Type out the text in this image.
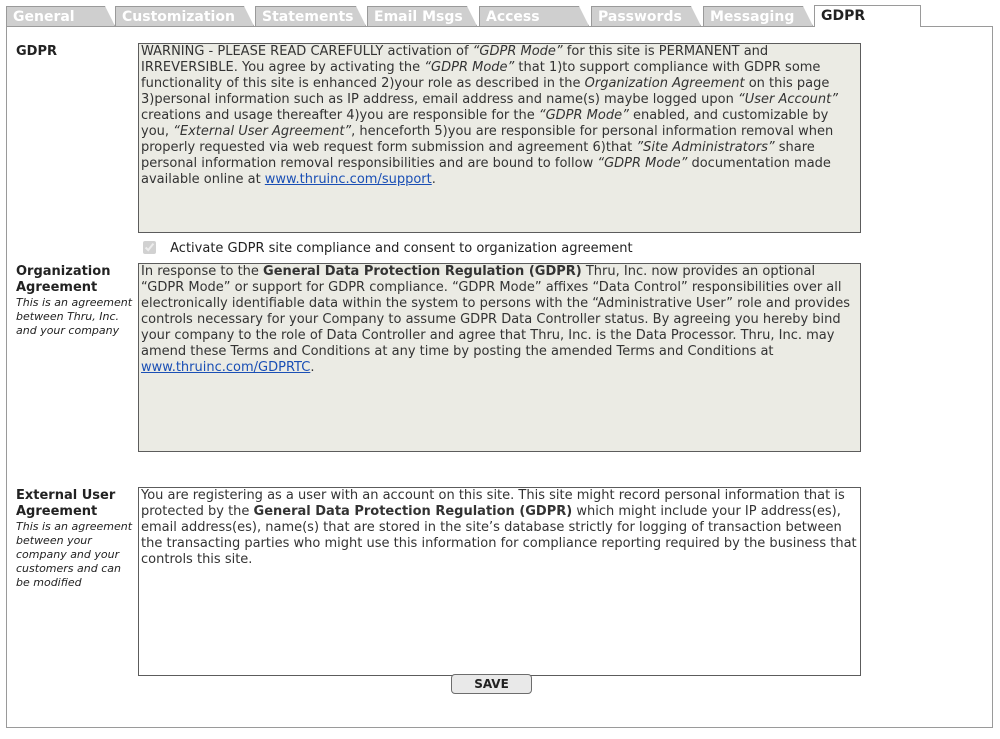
General	Customization	Statements	Email Msgs	Access	Passwords	Messaging	GDPR
GDPR	WARNING - PLEASE READ CAREFULLY activation of “GDPR Mode” for this site is PERMANENT and IRREVERSIBLE. You agree by activating the “GDPR Mode” that 1)to support compliance with GDPR some functionality of this site is enhanced 2)your role as described in the Organization Agreement on this page 3)personal information such as IP address, email address and name(s) maybe logged upon “User Account” creations and usage thereafter 4)you are responsible for the “GDPR Mode” enabled, and customizable by you, “External User Agreement”, henceforth 5)you are responsible for personal information removal when properly requested via web request form submission and agreement 6)that ”Site Administrators” share personal information removal responsibilities and are bound to follow “GDPR Mode” documentation made available online at www.thruinc.com/support.
Activate GDPR site compliance and consent to organization agreement
Organization Agreement
This is an agreement between Thru, Inc. and your company
In response to the General Data Protection Regulation (GDPR) Thru, Inc. now provides an optional “GDPR Mode” or support for GDPR compliance. “GDPR Mode” affixes “Data Control” responsibilities over all electronically identifiable data within the system to persons with the “Administrative User” role and provides controls necessary for your Company to assume GDPR Data Controller status. By agreeing you hereby bind your company to the role of Data Controller and agree that Thru, Inc. is the Data Processor. Thru, Inc. may amend these Terms and Conditions at any time by posting the amended Terms and Conditions at www.thruinc.com/GDPRTC.
External User Agreement
This is an agreement between your company and your customers and can be modified
You are registering as a user with an account on this site. This site might record personal information that is protected by the General Data Protection Regulation (GDPR) which might include your IP address(es), email address(es), name(s) that are stored in the site’s database strictly for logging of transaction between the transacting parties who might use this information for compliance reporting required by the business that controls this site.
SAVE
